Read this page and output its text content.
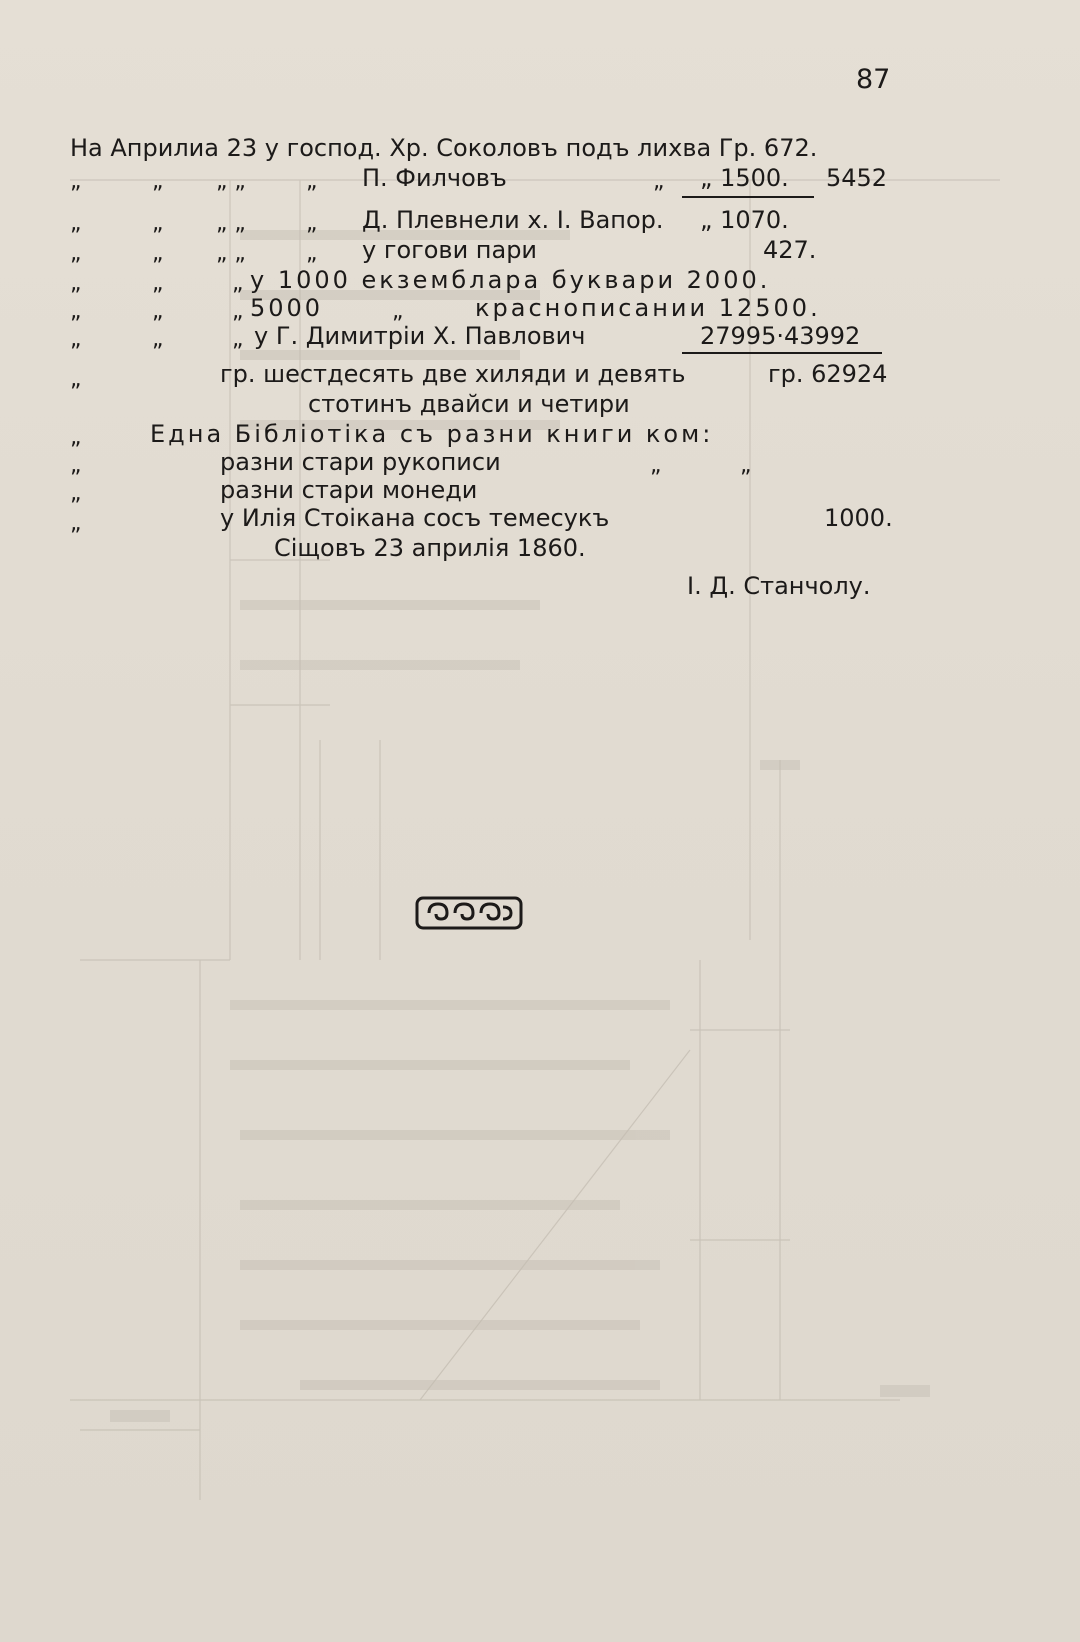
87
На Априлиа 23 у господ. Хр. Соколовъ подъ лихва Гр. 672.
„	„ „ „	„ П. Филчовъ	„ „ 1500. 5452
„	„ „ „	„ Д. Плевнели х. І. Вапор. „ 1070.
„	„ „ „	„ у гогови пари	427.
„	„	„ у 1000 екземблара буквари 2000.
„	„	„ 5000	„	краснописании 12500.
„	„	„ у Г. Димитріи Х. Павлович	27995·43992
„	гр. шестдесять две хиляди и девять	гр. 62924
стотинъ двайси и четири
„	Една Бібліотіка съ разни книги ком:
„	разни стари рукописи	„	„
„	разни стари монеди
„	у Илія Стоікана сосъ темесукъ	1000.
Сіщовъ 23 априлія 1860.
І. Д. Станчолу.
